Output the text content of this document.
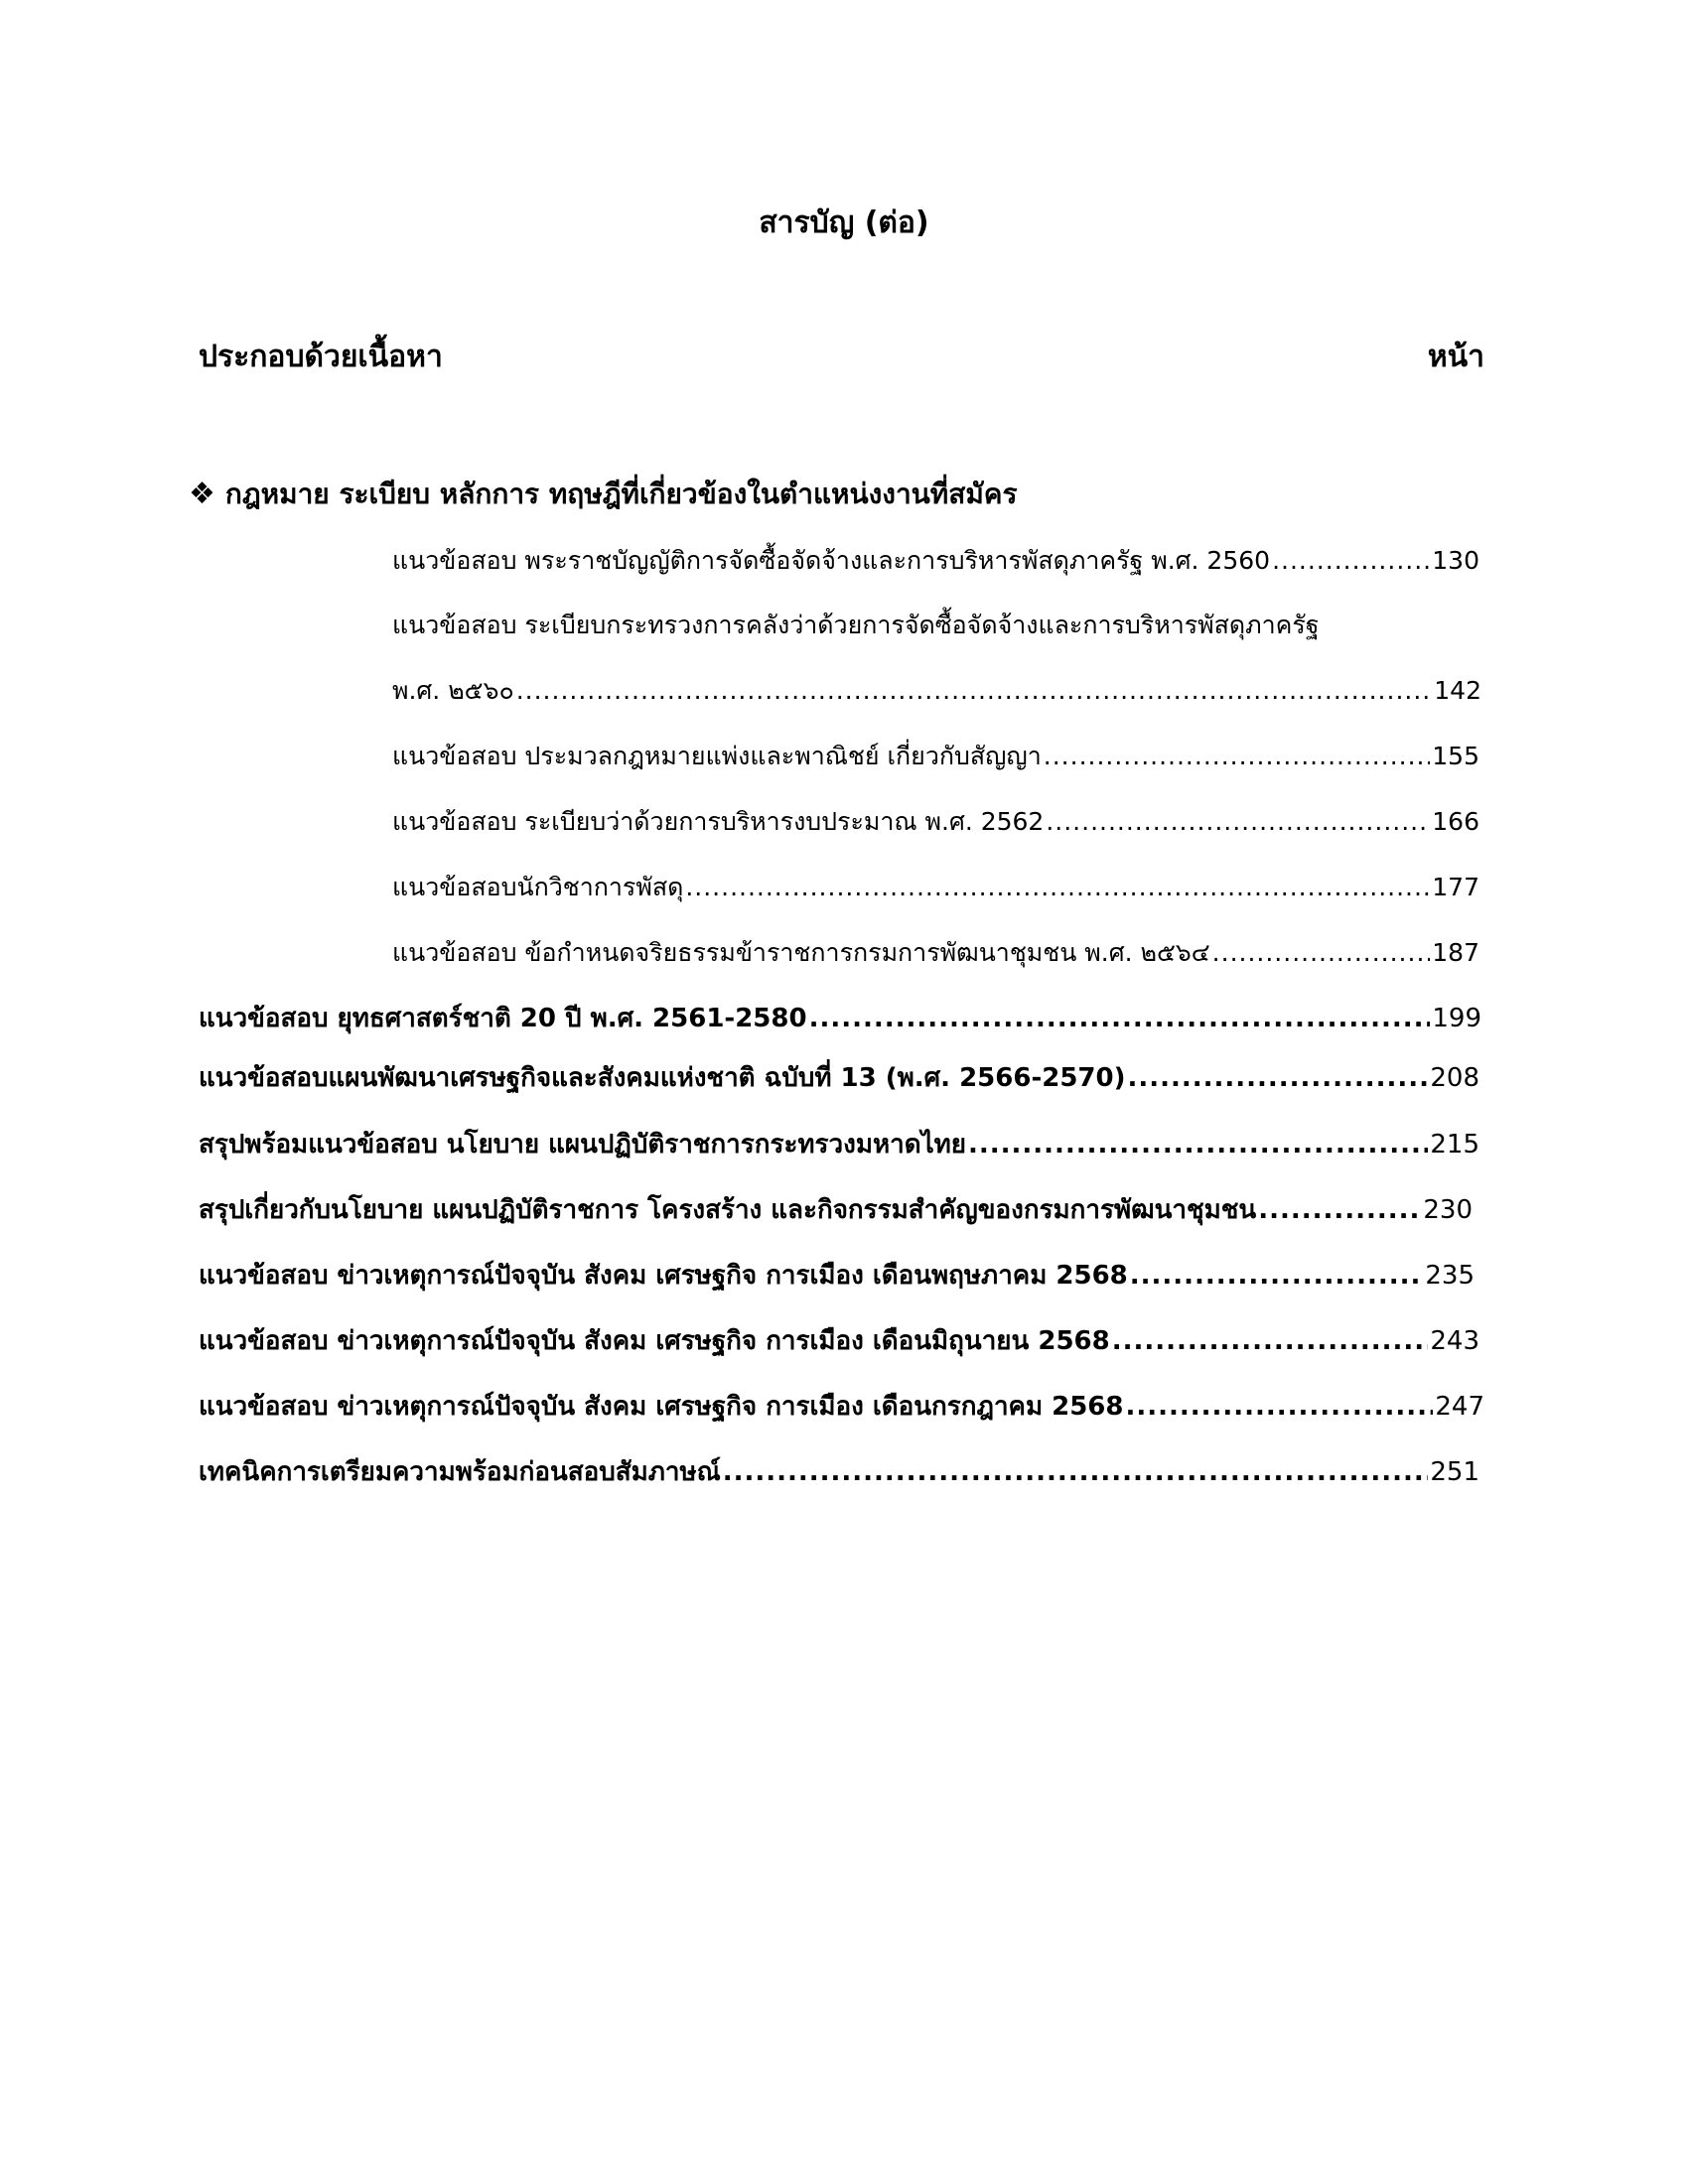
สารบัญ (ต่อ)
ประกอบด้วยเนื้อหา	หน้า
❖ กฎหมาย ระเบียบ หลักการ ทฤษฎีที่เกี่ยวข้องในตำแหน่งงานที่สมัคร
แนวข้อสอบ พระราชบัญญัติการจัดซื้อจัดจ้างและการบริหารพัสดุภาครัฐ พ.ศ. 2560 .....	130
แนวข้อสอบ ระเบียบกระทรวงการคลังว่าด้วยการจัดซื้อจัดจ้างและการบริหารพัสดุภาครัฐ
พ.ศ. ๒๕๖๐ .....	142
แนวข้อสอบ ประมวลกฎหมายแพ่งและพาณิชย์ เกี่ยวกับสัญญา .....	155
แนวข้อสอบ ระเบียบว่าด้วยการบริหารงบประมาณ พ.ศ. 2562 .....	166
แนวข้อสอบนักวิชาการพัสดุ .....	177
แนวข้อสอบ ข้อกำหนดจริยธรรมข้าราชการกรมการพัฒนาชุมชน พ.ศ. ๒๕๖๔ .....	187
แนวข้อสอบ ยุทธศาสตร์ชาติ 20 ปี พ.ศ. 2561-2580 .....	199
แนวข้อสอบแผนพัฒนาเศรษฐกิจและสังคมแห่งชาติ ฉบับที่ 13 (พ.ศ. 2566-2570) .....	208
สรุปพร้อมแนวข้อสอบ นโยบาย แผนปฏิบัติราชการกระทรวงมหาดไทย .....	215
สรุปเกี่ยวกับนโยบาย แผนปฏิบัติราชการ โครงสร้าง และกิจกรรมสำคัญของกรมการพัฒนาชุมชน .....	230
แนวข้อสอบ ข่าวเหตุการณ์ปัจจุบัน สังคม เศรษฐกิจ การเมือง เดือนพฤษภาคม 2568 .....	235
แนวข้อสอบ ข่าวเหตุการณ์ปัจจุบัน สังคม เศรษฐกิจ การเมือง เดือนมิถุนายน 2568 .....	243
แนวข้อสอบ ข่าวเหตุการณ์ปัจจุบัน สังคม เศรษฐกิจ การเมือง เดือนกรกฎาคม 2568 .....	247
เทคนิคการเตรียมความพร้อมก่อนสอบสัมภาษณ์ .....	251
